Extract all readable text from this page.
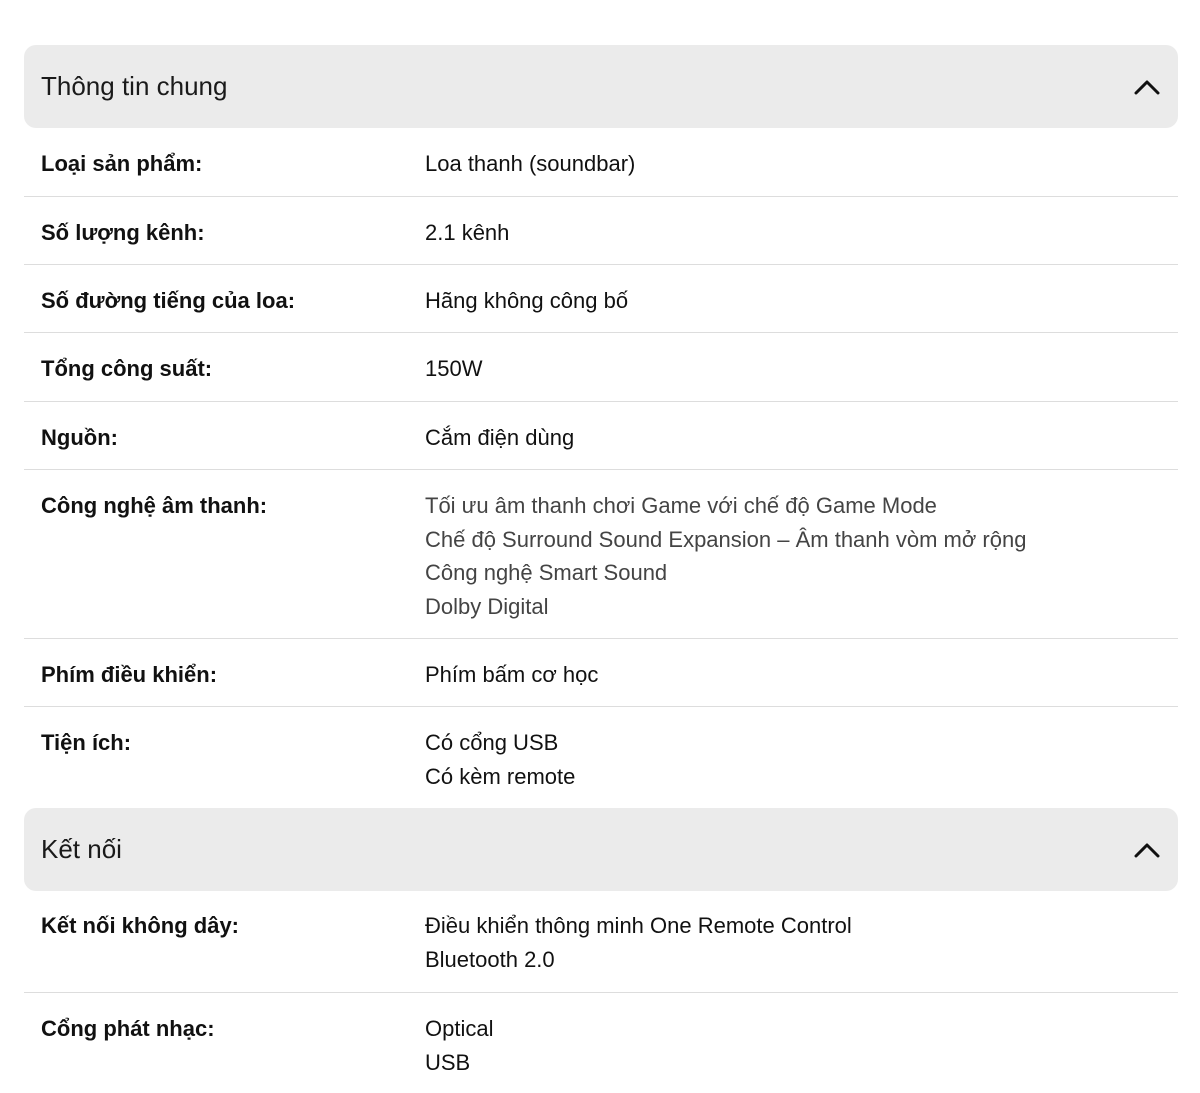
Thông tin chung
Loại sản phẩm:	Loa thanh (soundbar)
Số lượng kênh:	2.1 kênh
Số đường tiếng của loa:	Hãng không công bố
Tổng công suất:	150W
Nguồn:	Cắm điện dùng
Công nghệ âm thanh:	Tối ưu âm thanh chơi Game với chế độ Game Mode
Chế độ Surround Sound Expansion – Âm thanh vòm mở rộng
Công nghệ Smart Sound
Dolby Digital
Phím điều khiển:	Phím bấm cơ học
Tiện ích:	Có cổng USB
Có kèm remote
Kết nối
Kết nối không dây:	Điều khiển thông minh One Remote Control
Bluetooth 2.0
Cổng phát nhạc:	Optical
USB
